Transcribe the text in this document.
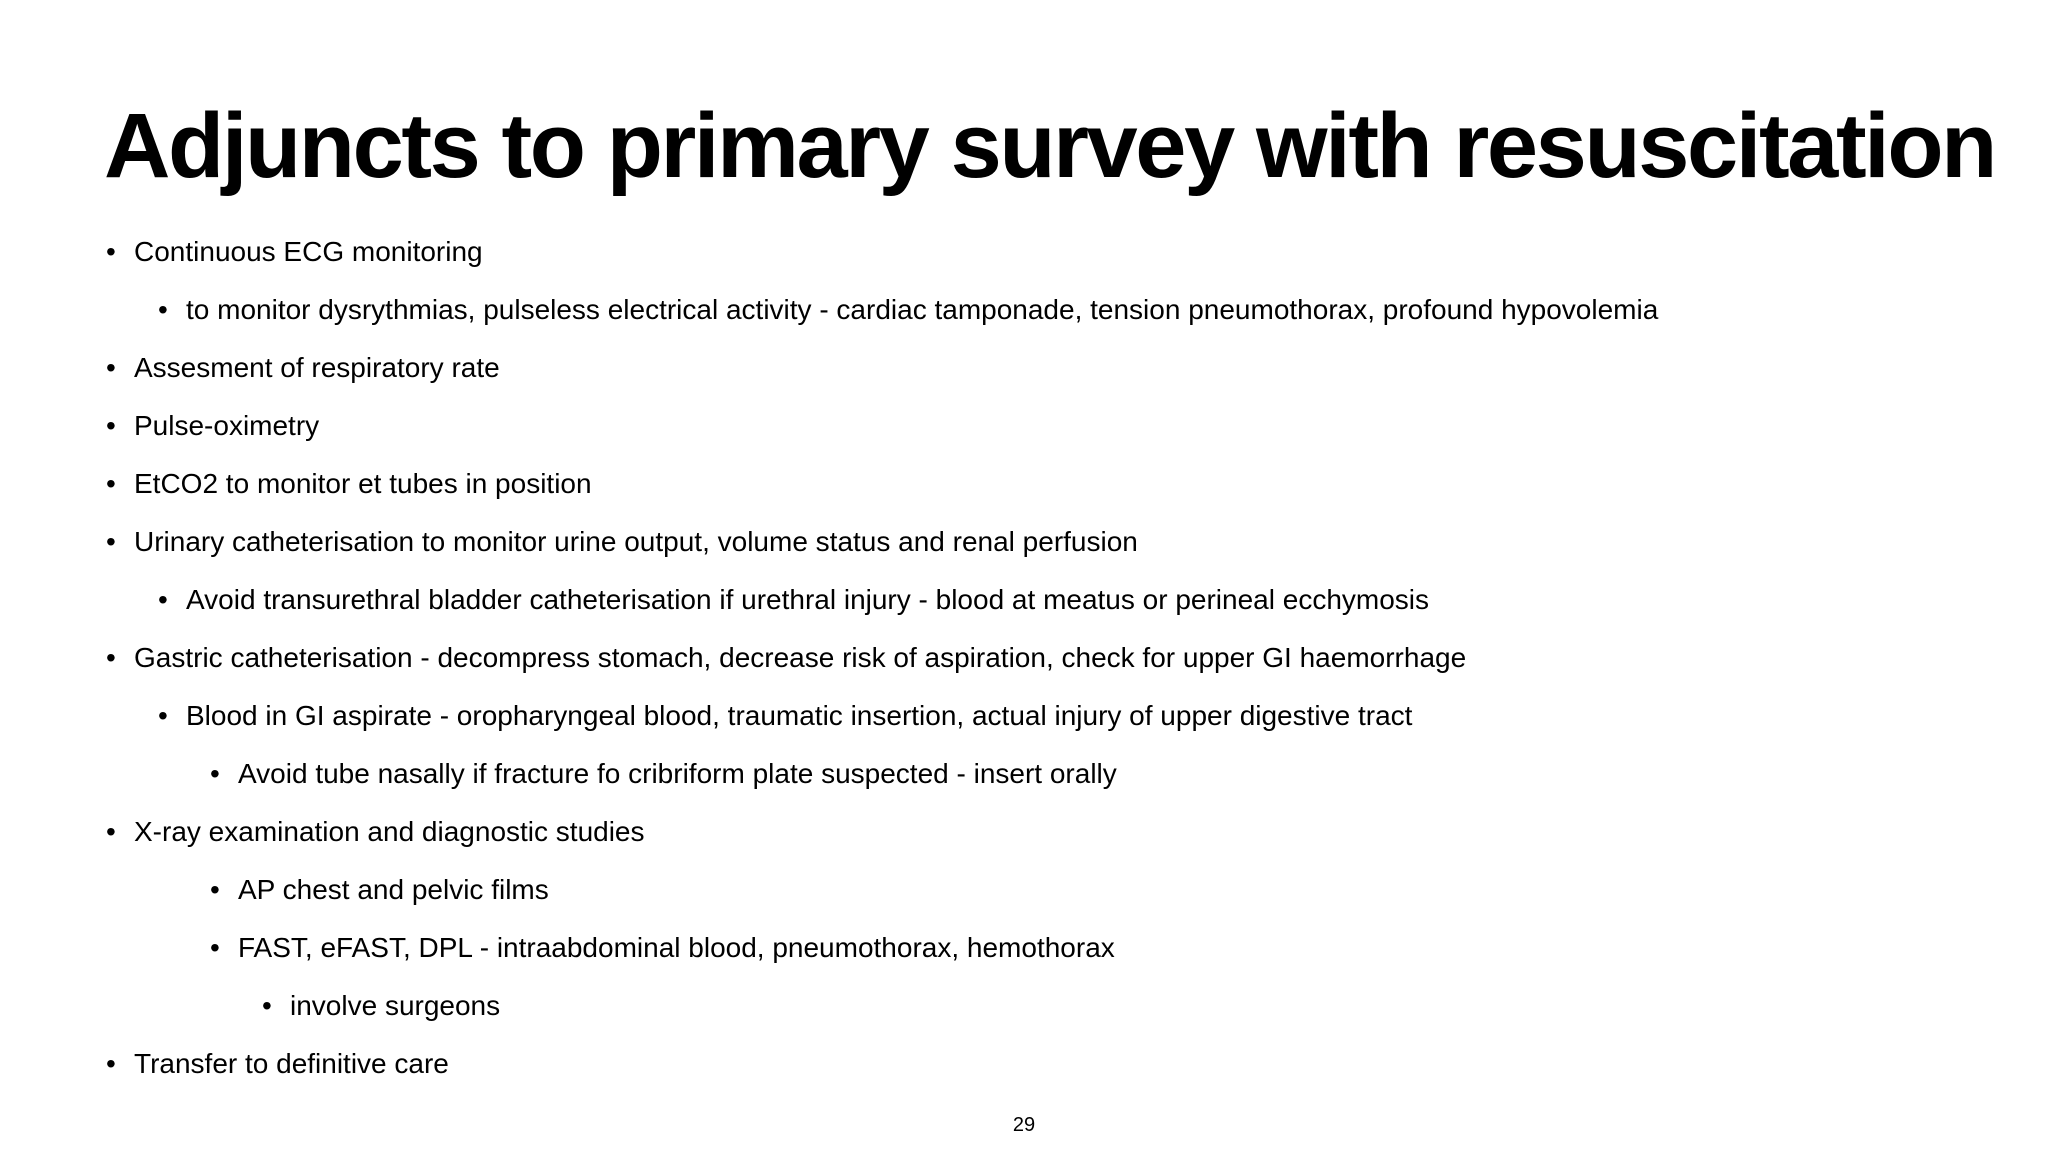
Adjuncts to primary survey with resuscitation
• Continuous ECG monitoring
• to monitor dysrythmias, pulseless electrical activity - cardiac tamponade, tension pneumothorax, profound hypovolemia
• Assesment of respiratory rate
• Pulse-oximetry
• EtCO2 to monitor et tubes in position
• Urinary catheterisation to monitor urine output, volume status and renal perfusion
• Avoid transurethral bladder catheterisation if urethral injury - blood at meatus or perineal ecchymosis
• Gastric catheterisation - decompress stomach, decrease risk of aspiration, check for upper GI haemorrhage
• Blood in GI aspirate - oropharyngeal blood, traumatic insertion, actual injury of upper digestive tract
• Avoid tube nasally if fracture fo cribriform plate suspected - insert orally
• X-ray examination and diagnostic studies
• AP chest and pelvic films
• FAST, eFAST, DPL - intraabdominal blood, pneumothorax, hemothorax
• involve surgeons
• Transfer to definitive care
29
